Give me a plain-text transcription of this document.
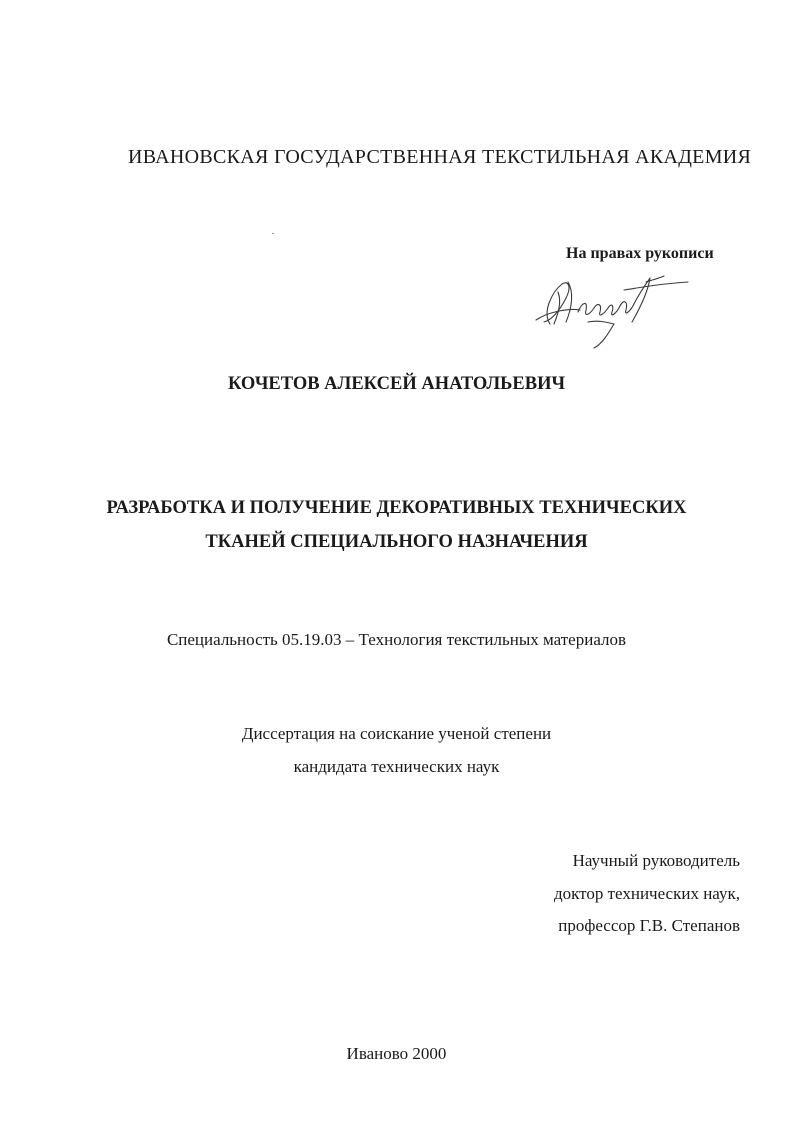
ИВАНОВСКАЯ ГОСУДАРСТВЕННАЯ ТЕКСТИЛЬНАЯ АКАДЕМИЯ
На правах рукописи
КОЧЕТОВ АЛЕКСЕЙ АНАТОЛЬЕВИЧ
РАЗРАБОТКА И ПОЛУЧЕНИЕ ДЕКОРАТИВНЫХ ТЕХНИЧЕСКИХ
ТКАНЕЙ СПЕЦИАЛЬНОГО НАЗНАЧЕНИЯ
Специальность 05.19.03 – Технология текстильных материалов
Диссертация на соискание ученой степени
кандидата технических наук
Научный руководитель
доктор технических наук,
профессор Г.В. Степанов
Иваново 2000
